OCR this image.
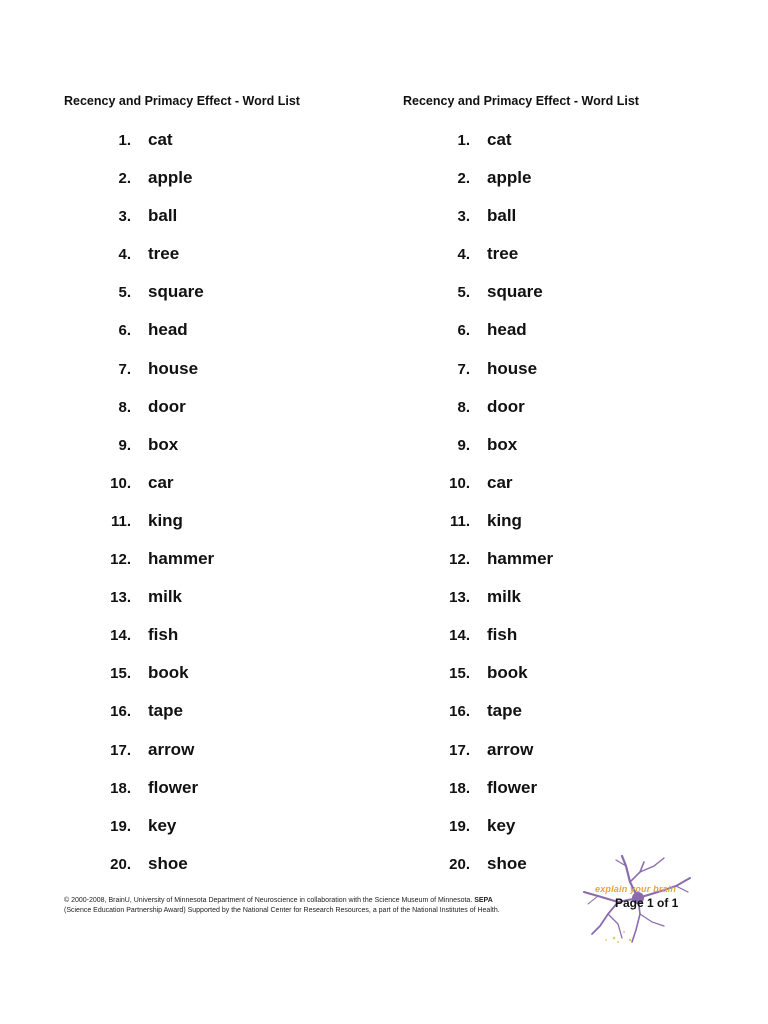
Recency and Primacy Effect - Word List
1.	cat
2.	apple
3.	ball
4.	tree
5.	square
6.	head
7.	house
8.	door
9.	box
10.	car
11.	king
12.	hammer
13.	milk
14.	fish
15.	book
16.	tape
17.	arrow
18.	flower
19.	key
20.	shoe
Recency and Primacy Effect - Word List
1.	cat
2.	apple
3.	ball
4.	tree
5.	square
6.	head
7.	house
8.	door
9.	box
10.	car
11.	king
12.	hammer
13.	milk
14.	fish
15.	book
16.	tape
17.	arrow
18.	flower
19.	key
20.	shoe
© 2000-2008, BrainU, University of Minnesota Department of Neuroscience in collaboration with the Science Museum of Minnesota. SEPA
(Science Education Partnership Award) Supported by the National Center for Research Resources, a part of the National Institutes of Health.
explain your brain
Page 1 of 1
